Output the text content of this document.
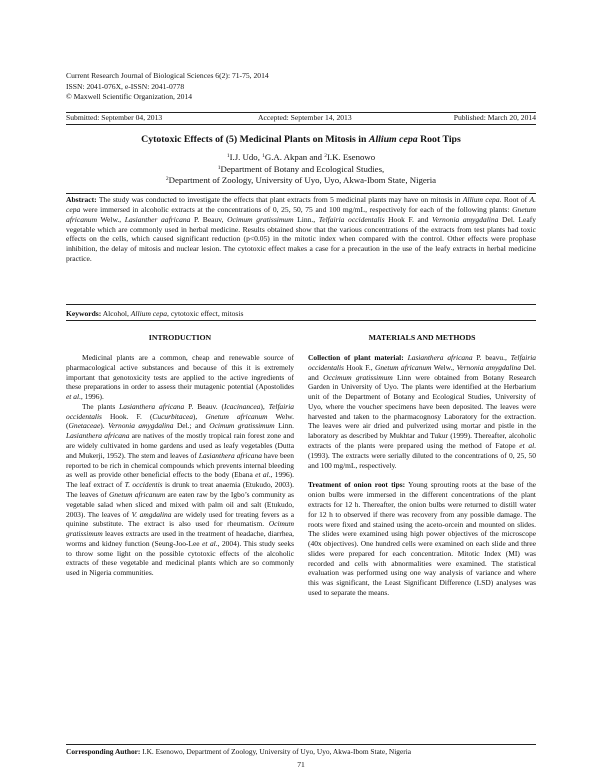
Current Research Journal of Biological Sciences 6(2): 71-75, 2014
ISSN: 2041-076X, e-ISSN: 2041-0778
© Maxwell Scientific Organization, 2014
Submitted: September 04, 2013	Accepted: September 14, 2013	Published: March 20, 2014
Cytotoxic Effects of (5) Medicinal Plants on Mitosis in Allium cepa Root Tips
$^1$I.J. Udo, $^1$G.A. Akpan and $^2$I.K. Esenowo
$^1$Department of Botany and Ecological Studies,
$^2$Department of Zoology, University of Uyo, Uyo, Akwa-Ibom State, Nigeria
Abstract: The study was conducted to investigate the effects that plant extracts from 5 medicinal plants may have on mitosis in Allium cepa. Root of A. cepa were immersed in alcoholic extracts at the concentrations of 0, 25, 50, 75 and 100 mg/mL, respectively for each of the following plants: Gnetum africanum Welw., Lasianther aafricana P. Beauv, Ocimum gratissimum Linn., Telfairia occidentalis Hook F. and Vernonia amygdalina Del. Leafy vegetable which are commonly used in herbal medicine. Results obtained show that the various concentrations of the extracts from test plants had toxic effects on the cells, which caused significant reduction (p<0.05) in the mitotic index when compared with the control. Other effects were prophase inhibition, the delay of mitosis and nuclear lesion. The cytotoxic effect makes a case for a precaution in the use of the leafy extracts in herbal medicine practice.
Keywords: Alcohol, Allium cepa, cytotoxic effect, mitosis
INTRODUCTION	MATERIALS AND METHODS

Medicinal plants are a common, cheap and renewable source of pharmacological active substances and because of this it is extremely important that genotoxicity tests are applied to the active ingredients of these preparations in order to assess their mutagenic potential (Apostolides et al., 1996).

The plants Lasianthera africana P. Beauv. (Icacinancea), Telfairia occidentalis Hook. F. (Cucurbitacea), Gnetum africanum Welw. (Gnetaceae). Vernonia amygdalina Del.; and Ocimum gratissimum Linn. Lasianthera africana are natives of the mostly tropical rain forest zone and are widely cultivated in home gardens and used as leafy vegetables (Dutta and Mukerji, 1952). The stem and leaves of Lasianthera africana have been reported to be rich in chemical compounds which prevents internal bleeding as well as provide other beneficial effects to the body (Ebana et al., 1996). The leaf extract of T. occidentis is drunk to treat anaemia (Etukudo, 2003). The leaves of Gnetum africanum are eaten raw by the Igbo’s community as vegetable salad when sliced and mixed with palm oil and salt (Etukudo, 2003). The leaves of V. amgdalina are widely used for treating fevers as a quinine substitute. The extract is also used for rheumatism. Ocimum gratissimum leaves extracts are used in the treatment of headache, diarrhea, worms and kidney function (Seung-Joo-Lee et al., 2004). This study seeks to throw some light on the possible cytotoxic effects of the alcoholic extracts of these vegetable and medicinal plants which are so commonly used in Nigeria communities.

Collection of plant material: Lasianthera africana P. beavu., Telfairia occidentalis Hook F., Gnetum africanum Welw., Vernonia amygdalina Del. and Occimum gratissimum Linn were obtained from Botany Research Garden in University of Uyo. The plants were identified at the Herbarium unit of the Department of Botany and Ecological Studies, University of Uyo, where the voucher specimens have been deposited. The leaves were harvested and taken to the pharmacognosy Laboratory for the extraction. The leaves were air dried and pulverized using mortar and pistle in the laboratory as described by Mukhtar and Tukur (1999). Thereafter, alcoholic extracts of the plants were prepared using the method of Fatope et al. (1993). The extracts were serially diluted to the concentrations of 0, 25, 50 and 100 mg/mL, respectively.

Treatment of onion root tips: Young sprouting roots at the base of the onion bulbs were immersed in the different concentrations of the plant extracts for 12 h. Thereafter, the onion bulbs were returned to distill water for 12 h to observed if there was recovery from any possible damage. The roots were fixed and stained using the aceto-orcein and mounted on slides. The slides were examined using high power objectives of the microscope (40x objectives). One hundred cells were examined on each slide and three slides were prepared for each concentration. Mitotic Index (MI) was recorded and cells with abnormalities were examined. The statistical evaluation was performed using one way analysis of variance and where this was significant, the Least Significant Difference (LSD) analyses was used to separate the means.

Corresponding Author: I.K. Esenowo, Department of Zoology, University of Uyo, Uyo, Akwa-Ibom State, Nigeria
71
